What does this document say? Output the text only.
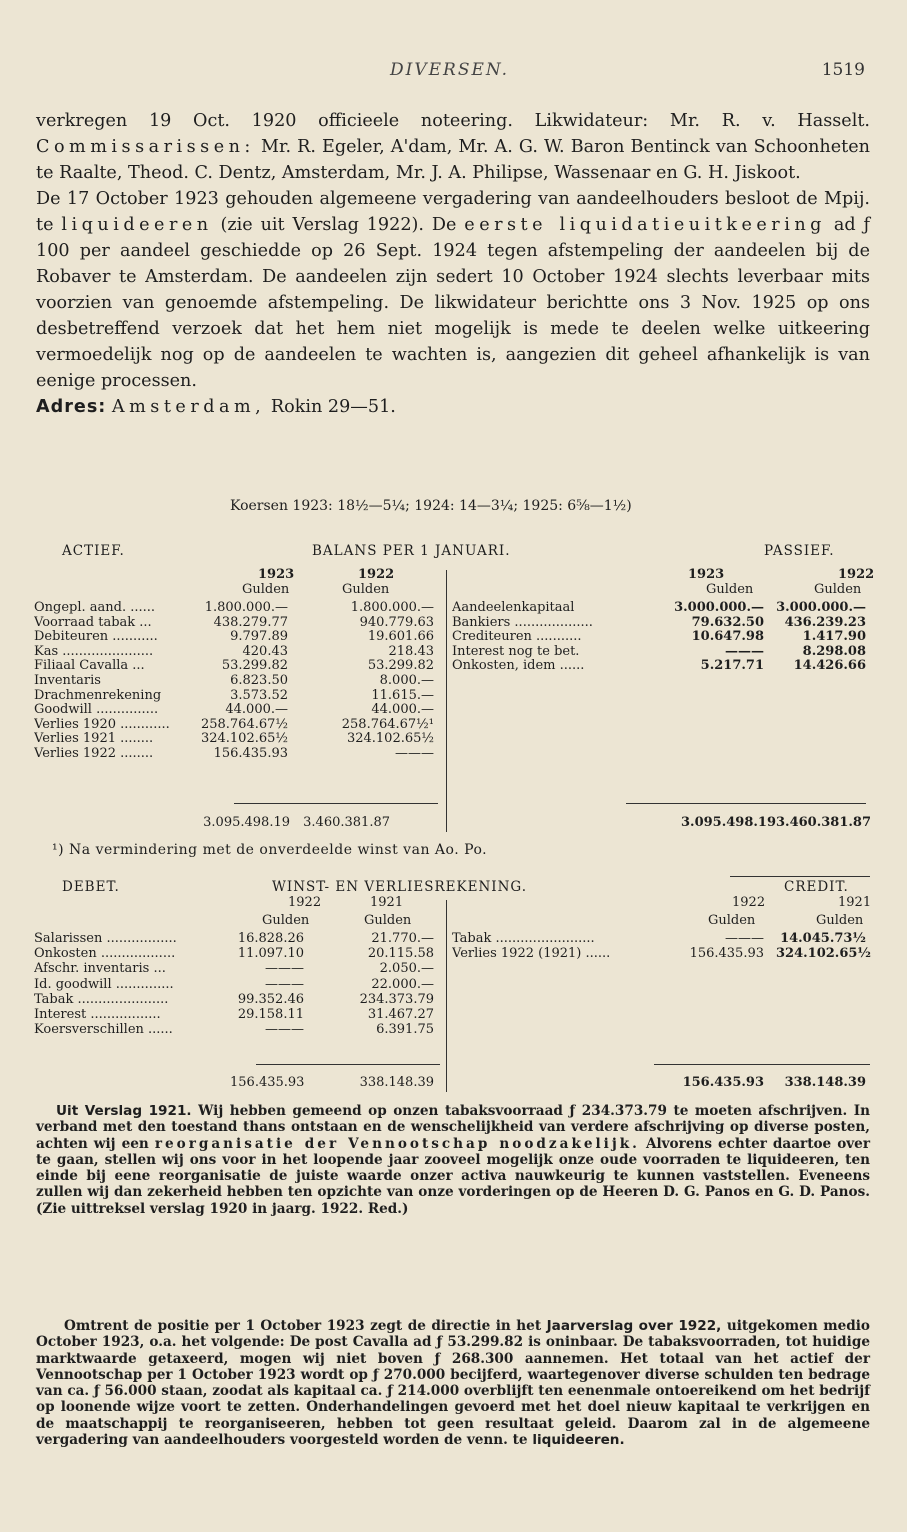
DIVERSEN.	1519

verkregen 19 Oct. 1920 officieele noteering. Likwidateur: Mr. R. v. Hasselt. Commissarissen: Mr. R. Egeler, A'dam, Mr. A. G. W. Baron Bentinck van Schoonheten te Raalte, Theod. C. Dentz, Amsterdam, Mr. J. A. Philipse, Wassenaar en G. H. Jiskoot.

De 17 October 1923 gehouden algemeene vergadering van aandeelhouders besloot de Mpij. te liquideeren (zie uit Verslag 1922). De eerste liquidatieuitkeering ad ƒ 100 per aandeel geschiedde op 26 Sept. 1924 tegen afstempeling der aandeelen bij de Robaver te Amsterdam. De aandeelen zijn sedert 10 October 1924 slechts leverbaar mits voorzien van genoemde afstempeling. De likwidateur berichtte ons 3 Nov. 1925 op ons desbetreffend verzoek dat het hem niet mogelijk is mede te deelen welke uitkeering vermoedelijk nog op de aandeelen te wachten is, aangezien dit geheel afhankelijk is van eenige processen.

Adres: Amsterdam, Rokin 29—51.

Koersen 1923: 18½—5¼; 1924: 14—3¼; 1925: 6⅝—1½)
ACTIEF.	BALANS PER 1 JANUARI.	PASSIEF.
1923	1922	1923	1922
Gulden	Gulden	Gulden	Gulden
Ongepl. aand. ......	1.800.000.—	1.800.000.—
Voorraad tabak ...	438.279.77	940.779.63
Debiteuren ...........	9.797.89	19.601.66
Kas ......................	420.43	218.43
Filiaal Cavalla ...	53.299.82	53.299.82
Inventaris	6.823.50	8.000.—
Drachmenrekening	3.573.52	11.615.—
Goodwill ...............	44.000.—	44.000.—
Verlies 1920 ............	258.764.67½	258.764.67½¹
Verlies 1921 ........	324.102.65½	324.102.65½
Verlies 1922 ........	156.435.93	———
Aandeelenkapitaal	3.000.000.— 3.000.000.—
Bankiers ...................	79.632.50	436.239.23
Crediteuren ...........	10.647.98	1.417.90
Interest nog te bet.	———	8.298.08
Onkosten, idem ......	5.217.71	14.426.66
3.095.498.19 3.460.381.87	3.095.498.19 3.460.381.87
¹) Na vermindering met de onverdeelde winst van Ao. Po.
DEBET.	WINST- EN VERLIESREKENING.	CREDIT.
1922	1921	1922	1921
Gulden	Gulden	Gulden	Gulden
Salarissen .................	16.828.26	21.770.—
Onkosten ..................	11.097.10	20.115.58
Afschr. inventaris ...	———	2.050.—
Id. goodwill ..............	———	22.000.—
Tabak ......................	99.352.46	234.373.79
Interest .................	29.158.11	31.467.27
Koersverschillen ......	———	6.391.75
Tabak ........................	———	14.045.73½
Verlies 1922 (1921) ......	156.435.93 324.102.65½
156.435.93	338.148.39	156.435.93	338.148.39

Uit Verslag 1921. Wij hebben gemeend op onzen tabaksvoorraad ƒ 234.373.79 te moeten afschrijven. In verband met den toestand thans ontstaan en de wenschelijkheid van verdere afschrijving op diverse posten, achten wij een reorganisatie der Vennootschap noodzakelijk. Alvorens echter daartoe over te gaan, stellen wij ons voor in het loopende jaar zooveel mogelijk onze oude voorraden te liquideeren, ten einde bij eene reorganisatie de juiste waarde onzer activa nauwkeurig te kunnen vaststellen. Eveneens zullen wij dan zekerheid hebben ten opzichte van onze vorderingen op de Heeren D. G. Panos en G. D. Panos. (Zie uittreksel verslag 1920 in jaarg. 1922. Red.)

Omtrent de positie per 1 October 1923 zegt de directie in het Jaarverslag over 1922, uitgekomen medio October 1923, o.a. het volgende: De post Cavalla ad ƒ 53.299.82 is oninbaar. De tabaksvoorraden, tot huidige marktwaarde getaxeerd, mogen wij niet boven ƒ 268.300 aannemen. Het totaal van het actief der Vennootschap per 1 October 1923 wordt op ƒ 270.000 becijferd, waartegenover diverse schulden ten bedrage van ca. ƒ 56.000 staan, zoodat als kapitaal ca. ƒ 214.000 overblijft ten eenenmale ontoereikend om het bedrijf op loonende wijze voort te zetten. Onderhandelingen gevoerd met het doel nieuw kapitaal te verkrijgen en de maatschappij te reorganiseeren, hebben tot geen resultaat geleid. Daarom zal in de algemeene vergadering van aandeelhouders voorgesteld worden de venn. te liquideeren.
